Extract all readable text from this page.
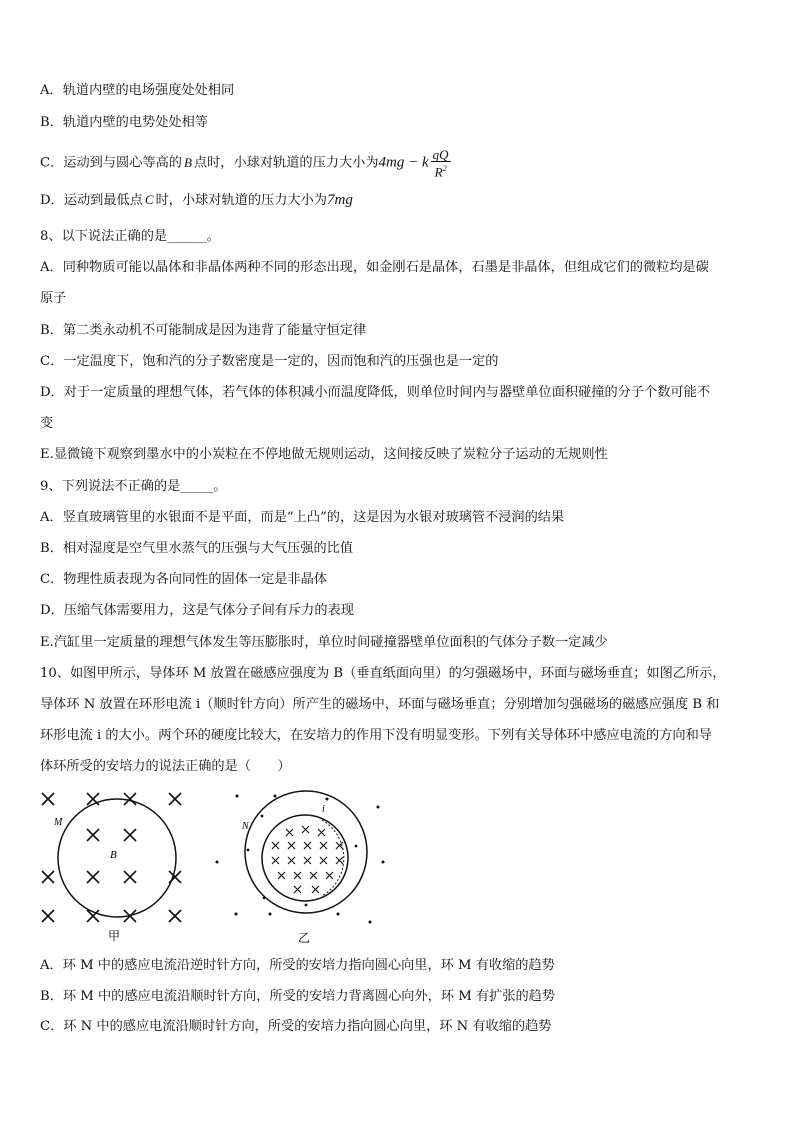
A．轨道内壁的电场强度处处相同
B．轨道内壁的电势处处相等
C．运动到与圆心等高的 B 点时，小球对轨道的压力大小为4mg − k $\frac{qQ}{R^2}$
D．运动到最低点 C 时，小球对轨道的压力大小为7mg
8、以下说法正确的是______。
A．同种物质可能以晶体和非晶体两种不同的形态出现，如金刚石是晶体，石墨是非晶体，但组成它们的微粒均是碳
原子
B．第二类永动机不可能制成是因为违背了能量守恒定律
C．一定温度下，饱和汽的分子数密度是一定的，因而饱和汽的压强也是一定的
D．对于一定质量的理想气体，若气体的体积减小而温度降低，则单位时间内与器壁单位面积碰撞的分子个数可能不
变
E.显微镜下观察到墨水中的小炭粒在不停地做无规则运动，这间接反映了炭粒分子运动的无规则性
9、下列说法不正确的是_____。
A．竖直玻璃管里的水银面不是平面，而是“上凸”的，这是因为水银对玻璃管不浸润的结果
B．相对湿度是空气里水蒸气的压强与大气压强的比值
C．物理性质表现为各向同性的固体一定是非晶体
D．压缩气体需要用力，这是气体分子间有斥力的表现
E.汽缸里一定质量的理想气体发生等压膨胀时，单位时间碰撞器壁单位面积的气体分子数一定减少
10、如图甲所示，导体环 M 放置在磁感应强度为 B（垂直纸面向里）的匀强磁场中，环面与磁场垂直；如图乙所示，
导体环 N 放置在环形电流 i（顺时针方向）所产生的磁场中，环面与磁场垂直；分别增加匀强磁场的磁感应强度 B 和
环形电流 i 的大小。两个环的硬度比较大，在安培力的作用下没有明显变形。下列有关导体环中感应电流的方向和导
体环所受的安培力的说法正确的是（　　）
M
B
甲
N
i
乙
A．环 M 中的感应电流沿逆时针方向，所受的安培力指向圆心向里，环 M 有收缩的趋势
B．环 M 中的感应电流沿顺时针方向，所受的安培力背离圆心向外，环 M 有扩张的趋势
C．环 N 中的感应电流沿顺时针方向，所受的安培力指向圆心向里，环 N 有收缩的趋势
